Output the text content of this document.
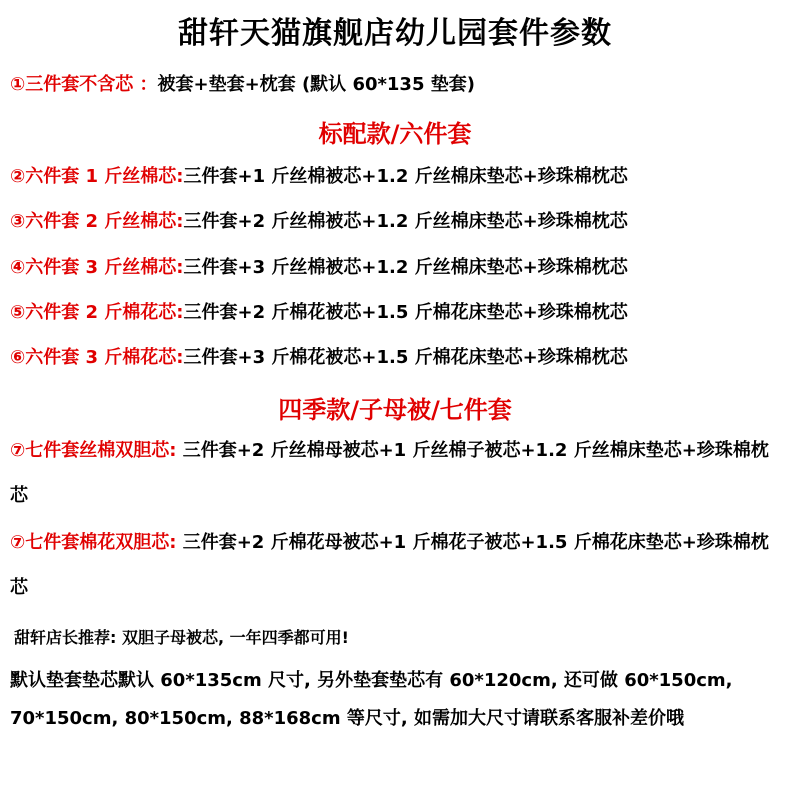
甜轩天猫旗舰店幼儿园套件参数
①三件套不含芯 ：被套+垫套+枕套 (默认 60*135 垫套)
标配款/六件套
②六件套 1 斤丝棉芯:三件套+1 斤丝棉被芯+1.2 斤丝棉床垫芯+珍珠棉枕芯
③六件套 2 斤丝棉芯:三件套+2 斤丝棉被芯+1.2 斤丝棉床垫芯+珍珠棉枕芯
④六件套 3 斤丝棉芯:三件套+3 斤丝棉被芯+1.2 斤丝棉床垫芯+珍珠棉枕芯
⑤六件套 2 斤棉花芯:三件套+2 斤棉花被芯+1.5 斤棉花床垫芯+珍珠棉枕芯
⑥六件套 3 斤棉花芯:三件套+3 斤棉花被芯+1.5 斤棉花床垫芯+珍珠棉枕芯
四季款/子母被/七件套
⑦七件套丝棉双胆芯: 三件套+2 斤丝棉母被芯+1 斤丝棉子被芯+1.2 斤丝棉床垫芯+珍珠棉枕芯
⑦七件套棉花双胆芯: 三件套+2 斤棉花母被芯+1 斤棉花子被芯+1.5 斤棉花床垫芯+珍珠棉枕芯
甜轩店长推荐: 双胆子母被芯, 一年四季都可用!
默认垫套垫芯默认 60*135cm 尺寸, 另外垫套垫芯有 60*120cm, 还可做 60*150cm, 70*150cm, 80*150cm, 88*168cm 等尺寸, 如需加大尺寸请联系客服补差价哦
